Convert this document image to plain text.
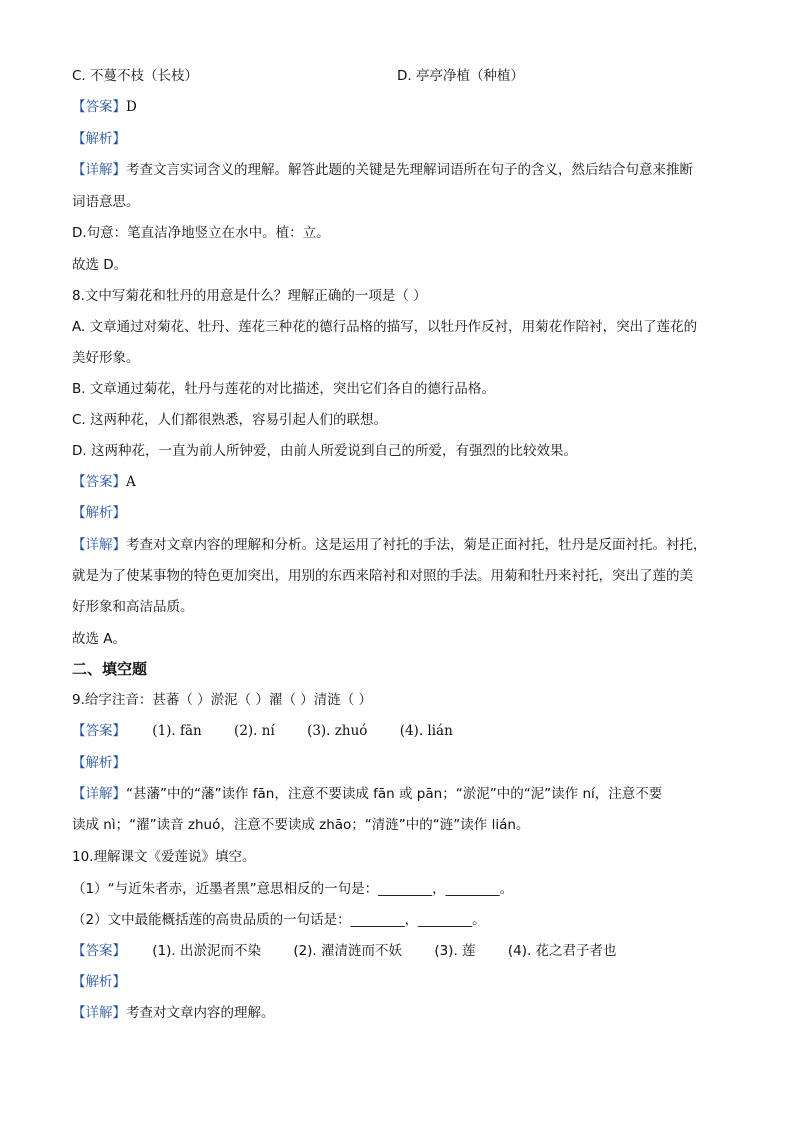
C. 不蔓不枝（长枝）	D. 亭亭净植（种植）
【答案】D
【解析】
【详解】考查文言实词含义的理解。解答此题的关键是先理解词语所在句子的含义，然后结合句意来推断
词语意思。
D.句意：笔直洁净地竖立在水中。植：立。
故选 D。
8.文中写菊花和牡丹的用意是什么？理解正确的一项是（ ）
A. 文章通过对菊花、牡丹、莲花三种花的德行品格的描写，以牡丹作反衬，用菊花作陪衬，突出了莲花的
美好形象。
B. 文章通过菊花，牡丹与莲花的对比描述，突出它们各自的德行品格。
C. 这两种花，人们都很熟悉，容易引起人们的联想。
D. 这两种花，一直为前人所钟爱，由前人所爱说到自己的所爱，有强烈的比较效果。
【答案】A
【解析】
【详解】考查对文章内容的理解和分析。这是运用了衬托的手法，菊是正面衬托，牡丹是反面衬托。衬托，
就是为了使某事物的特色更加突出，用别的东西来陪衬和对照的手法。用菊和牡丹来衬托，突出了莲的美
好形象和高洁品质。
故选 A。
二、填空题
9.给字注音：甚蕃（ ）淤泥（ ）濯（ ）清涟（ ）
【答案】 (1). fān (2). ní (3). zhuó (4). lián
【解析】
【详解】“甚藩”中的“藩”读作 fān，注意不要读成 fān 或 pān；“淤泥”中的“泥”读作 ní，注意不要
读成 nì；“濯”读音 zhuó，注意不要读成 zhāo；“清涟”中的“涟”读作 lián。
10.理解课文《爱莲说》填空。
（1）“与近朱者赤，近墨者黑”意思相反的一句是：________，________。
（2）文中最能概括莲的高贵品质的一句话是：________，________。
【答案】 (1). 出淤泥而不染 (2). 濯清涟而不妖 (3). 莲 (4). 花之君子者也
【解析】
【详解】考查对文章内容的理解。
